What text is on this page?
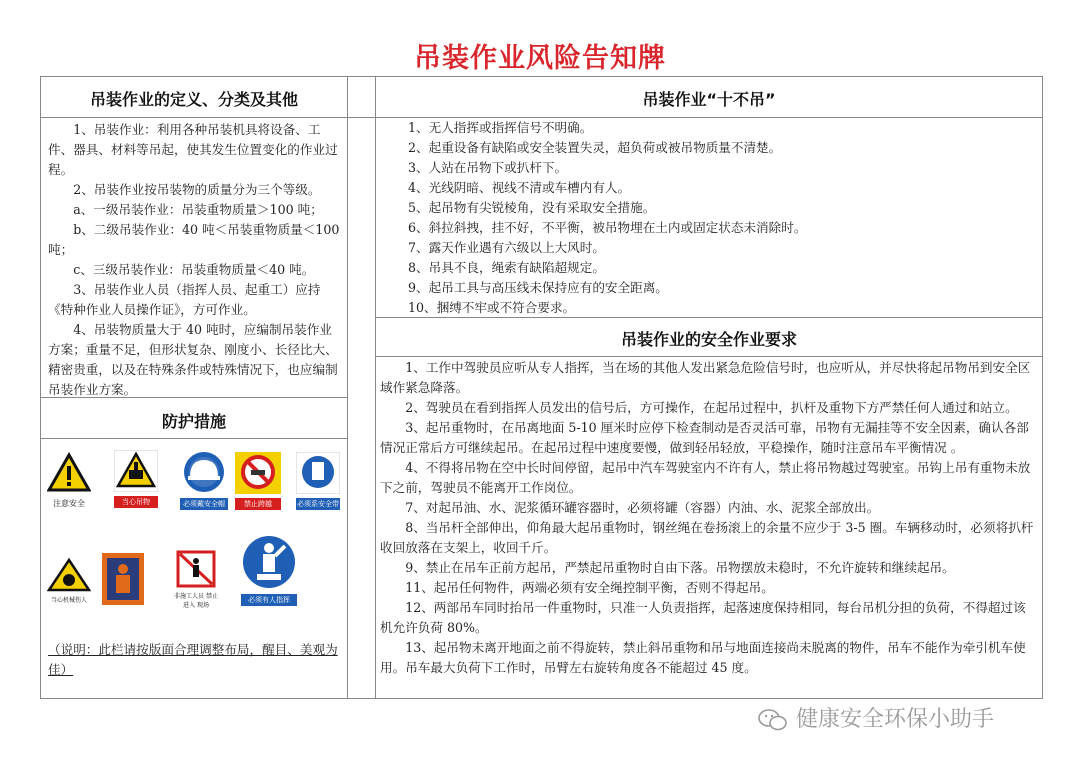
吊装作业风险告知牌
吊装作业的定义、分类及其他

1、吊装作业：利用各种吊装机具将设备、工件、器具、材料等吊起，使其发生位置变化的作业过程。

2、吊装作业按吊装物的质量分为三个等级。

a、一级吊装作业：吊装重物质量＞100 吨；

b、二级吊装作业：40 吨＜吊装重物质量＜100 吨；

c、三级吊装作业：吊装重物质量＜40 吨。

3、吊装作业人员（指挥人员、起重工）应持《特种作业人员操作证》，方可作业。

4、吊装物质量大于 40 吨时，应编制吊装作业方案；重量不足，但形状复杂、刚度小、长径比大、精密贵重，以及在特殊条件或特殊情况下，也应编制吊装作业方案。

防护措施
注意安全	当心吊物	必须戴安全帽	禁止跨越	必须系安全带
当心机械伤人
非施工人员 禁止进入 现场
必须有人指挥
（说明：此栏请按版面合理调整布局，醒目、美观为佳）
吊装作业“十不吊”

1、无人指挥或指挥信号不明确。

2、起重设备有缺陷或安全装置失灵，超负荷或被吊物质量不清楚。

3、人站在吊物下或扒杆下。

4、光线阴暗、视线不清或车槽内有人。

5、起吊物有尖锐棱角，没有采取安全措施。

6、斜拉斜拽，挂不好，不平衡，被吊物埋在土内或固定状态未消除时。

7、露天作业遇有六级以上大风时。

8、吊具不良，绳索有缺陷超规定。

9、起吊工具与高压线未保持应有的安全距离。

10、捆缚不牢或不符合要求。

吊装作业的安全作业要求

1、工作中驾驶员应听从专人指挥，当在场的其他人发出紧急危险信号时，也应听从，并尽快将起吊物吊到安全区域作紧急降落。

2、驾驶员在看到指挥人员发出的信号后，方可操作，在起吊过程中，扒杆及重物下方严禁任何人通过和站立。

3、起吊重物时，在吊离地面 5-10 厘米时应停下检查制动是否灵活可靠，吊物有无漏挂等不安全因素，确认各部情况正常后方可继续起吊。在起吊过程中速度要慢，做到轻吊轻放，平稳操作，随时注意吊车平衡情况 。

4、不得将吊物在空中长时间停留，起吊中汽车驾驶室内不许有人，禁止将吊物越过驾驶室。吊钩上吊有重物未放下之前，驾驶员不能离开工作岗位。

7、对起吊油、水、泥浆循环罐容器时，必须将罐（容器）内油、水、泥浆全部放出。

8、当吊杆全部伸出，仰角最大起吊重物时，钢丝绳在卷扬滚上的余量不应少于 3-5 圈。车辆移动时，必须将扒杆收回放落在支架上，收回千斤。

9、禁止在吊车正前方起吊，严禁起吊重物时自由下落。吊物摆放未稳时，不允许旋转和继续起吊。

11、起吊任何物件，两端必须有安全绳控制平衡，否则不得起吊。

12、两部吊车同时抬吊一件重物时，只准一人负责指挥，起落速度保持相同，每台吊机分担的负荷，不得超过该机允许负荷 80%。

13、起吊物未离开地面之前不得旋转，禁止斜吊重物和吊与地面连接尚未脱离的物件，吊车不能作为牵引机车使用。吊车最大负荷下工作时，吊臂左右旋转角度各不能超过 45 度。

健康安全环保小助手
